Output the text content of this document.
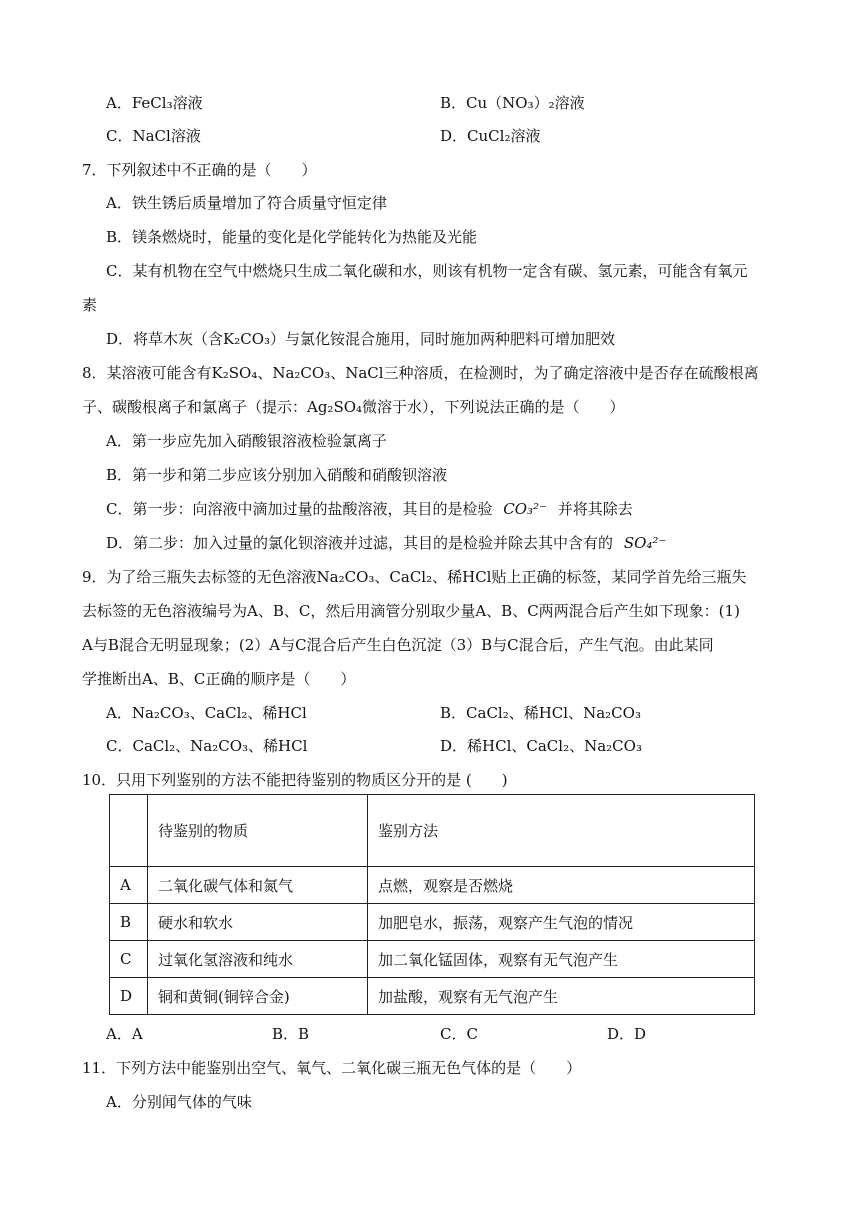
A．FeCl₃溶液	B．Cu（NO₃）₂溶液
C．NaCl溶液	D．CuCl₂溶液
7．下列叙述中不正确的是（　　）
A．铁生锈后质量增加了符合质量守恒定律
B．镁条燃烧时，能量的变化是化学能转化为热能及光能
C．某有机物在空气中燃烧只生成二氧化碳和水，则该有机物一定含有碳、氢元素，可能含有氧元
素
D．将草木灰（含K₂CO₃）与氯化铵混合施用，同时施加两种肥料可增加肥效
8．某溶液可能含有K₂SO₄、Na₂CO₃、NaCl三种溶质，在检测时，为了确定溶液中是否存在硫酸根离
子、碳酸根离子和氯离子（提示：Ag₂SO₄微溶于水），下列说法正确的是（　　）
A．第一步应先加入硝酸银溶液检验氯离子
B．第一步和第二步应该分别加入硝酸和硝酸钡溶液
C．第一步：向溶液中滴加过量的盐酸溶液，其目的是检验 CO₃²⁻ 并将其除去
D．第二步：加入过量的氯化钡溶液并过滤，其目的是检验并除去其中含有的 SO₄²⁻
9．为了给三瓶失去标签的无色溶液Na₂CO₃、CaCl₂、稀HCl贴上正确的标签，某同学首先给三瓶失
去标签的无色溶液编号为A、B、C，然后用滴管分别取少量A、B、C两两混合后产生如下现象：(1)
A与B混合无明显现象；(2）A与C混合后产生白色沉淀（3）B与C混合后，产生气泡。由此某同
学推断出A、B、C正确的顺序是（　　）
A．Na₂CO₃、CaCl₂、稀HCl	B．CaCl₂、稀HCl、Na₂CO₃
C．CaCl₂、Na₂CO₃、稀HCl	D．稀HCl、CaCl₂、Na₂CO₃
10．只用下列鉴别的方法不能把待鉴别的物质区分开的是 (　　)
	待鉴别的物质	鉴别方法
A	二氧化碳气体和氮气	点燃，观察是否燃烧
B	硬水和软水	加肥皂水，振荡，观察产生气泡的情况
C	过氧化氢溶液和纯水	加二氧化锰固体，观察有无气泡产生
D	铜和黄铜(铜锌合金)	加盐酸，观察有无气泡产生
A．A	B．B	C．C	D．D
11．下列方法中能鉴别出空气、氧气、二氧化碳三瓶无色气体的是（　　）
A．分别闻气体的气味
